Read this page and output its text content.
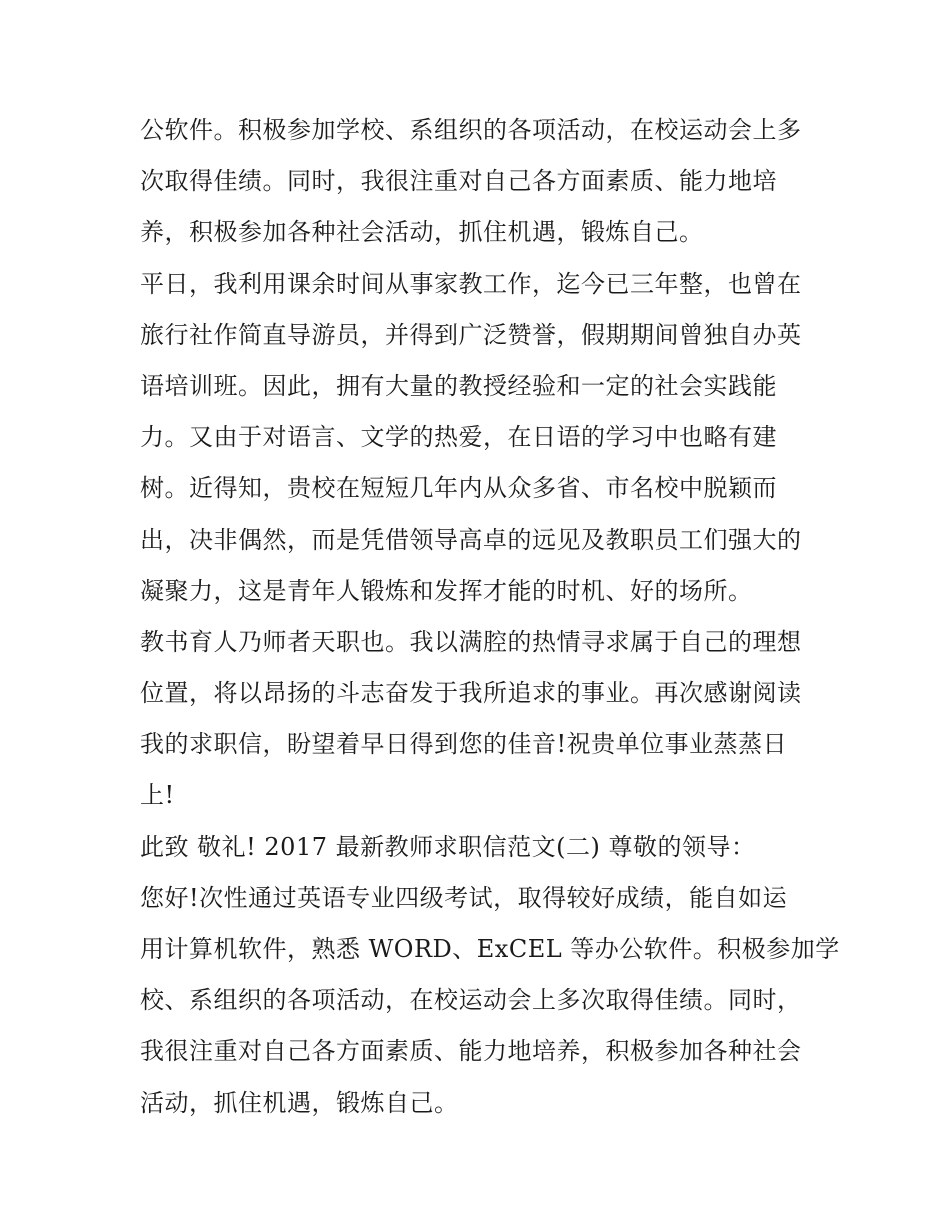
公软件。积极参加学校、系组织的各项活动，在校运动会上多
次取得佳绩。同时，我很注重对自己各方面素质、能力地培
养，积极参加各种社会活动，抓住机遇，锻炼自己。
平日，我利用课余时间从事家教工作，迄今已三年整，也曾在
旅行社作简直导游员，并得到广泛赞誉，假期期间曾独自办英
语培训班。因此，拥有大量的教授经验和一定的社会实践能
力。又由于对语言、文学的热爱，在日语的学习中也略有建
树。近得知，贵校在短短几年内从众多省、市名校中脱颖而
出，决非偶然，而是凭借领导高卓的远见及教职员工们强大的
凝聚力，这是青年人锻炼和发挥才能的时机、好的场所。
教书育人乃师者天职也。我以满腔的热情寻求属于自己的理想
位置，将以昂扬的斗志奋发于我所追求的事业。再次感谢阅读
我的求职信，盼望着早日得到您的佳音!祝贵单位事业蒸蒸日
上!
此致 敬礼! 2017 最新教师求职信范文(二) 尊敬的领导：
您好!次性通过英语专业四级考试，取得较好成绩，能自如运
用计算机软件，熟悉 WORD、ExCEL 等办公软件。积极参加学
校、系组织的各项活动，在校运动会上多次取得佳绩。同时，
我很注重对自己各方面素质、能力地培养，积极参加各种社会
活动，抓住机遇，锻炼自己。
